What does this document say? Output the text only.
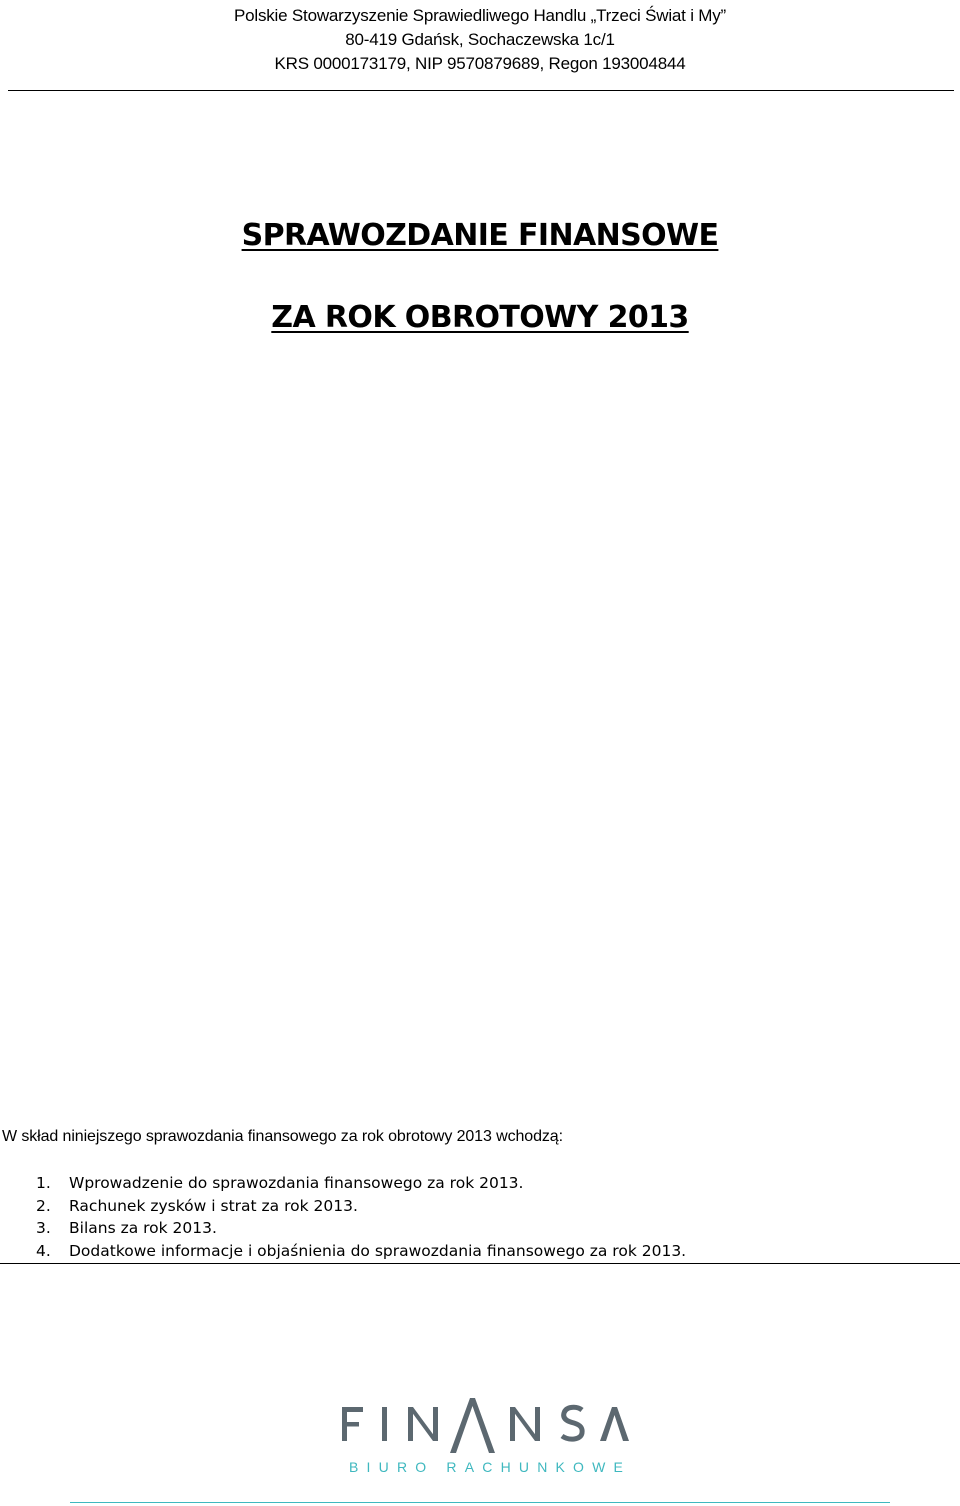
Polskie Stowarzyszenie Sprawiedliwego Handlu „Trzeci Świat i My”
80-419 Gdańsk, Sochaczewska 1c/1
KRS 0000173179, NIP 9570879689, Regon 193004844
SPRAWOZDANIE FINANSOWE
ZA ROK OBROTOWY 2013
W skład niniejszego sprawozdania finansowego za rok obrotowy 2013 wchodzą:
1. Wprowadzenie do sprawozdania finansowego za rok 2013.
2. Rachunek zysków i strat za rok 2013.
3. Bilans za rok 2013.
4. Dodatkowe informacje i objaśnienia do sprawozdania finansowego za rok 2013.
BIURO RACHUNKOWE
